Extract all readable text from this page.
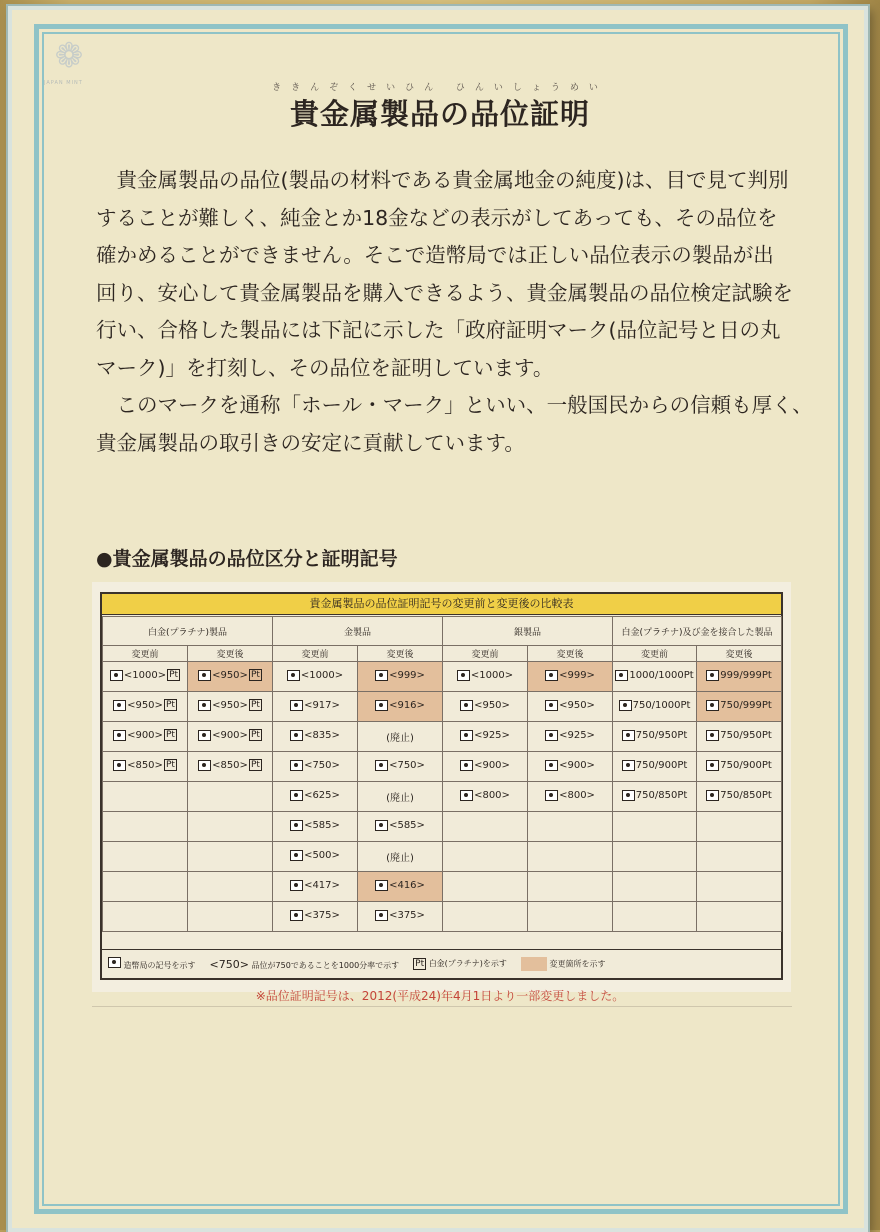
❁
JAPAN MINT	ききんぞくせいひん ひんいしょうめい
貴金属製品の品位証明
貴金属製品の品位(製品の材料である貴金属地金の純度)は、目で見て判別
することが難しく、純金とか18金などの表示がしてあっても、その品位を
確かめることができません。そこで造幣局では正しい品位表示の製品が出
回り、安心して貴金属製品を購入できるよう、貴金属製品の品位検定試験を
行い、合格した製品には下記に示した「政府証明マーク(品位記号と日の丸
マーク)」を打刻し、その品位を証明しています。
このマークを通称「ホール・マーク」といい、一般国民からの信頼も厚く、
貴金属製品の取引きの安定に貢献しています。
●貴金属製品の品位区分と証明記号
貴金属製品の品位証明記号の変更前と変更後の比較表
白金(プラチナ)製品		金製品		銀製品		白金(プラチナ)及び金を接合した製品	
変更前	変更後	変更前	変更後	変更前	変更後	変更前	変更後

<1000> Pt	<950> Pt	<1000>	<999>	<1000>	<999>	1000/1000Pt	999/999Pt

<950> Pt	<950> Pt	<917>	<916>	<950>	<950>	750/1000Pt	750/999Pt

<900> Pt	<900> Pt	<835>	(廃止)	<925>	<925>	750/950Pt	750/950Pt

<850> Pt	<850> Pt	<750>	<750>	<900>	<900>	750/900Pt	750/900Pt

		<625>	(廃止)	<800>	<800>	750/850Pt	750/850Pt

		<585>	<585>				

		<500>	(廃止)				

		<417>	<416>				

		<375>	<375>				

造幣局の記号を示す <750> 品位が750であることを1000分率で示す Pt 白金(プラチナ)を示す	変更箇所を示す
※品位証明記号は、2012(平成24)年4月1日より一部変更しました。
